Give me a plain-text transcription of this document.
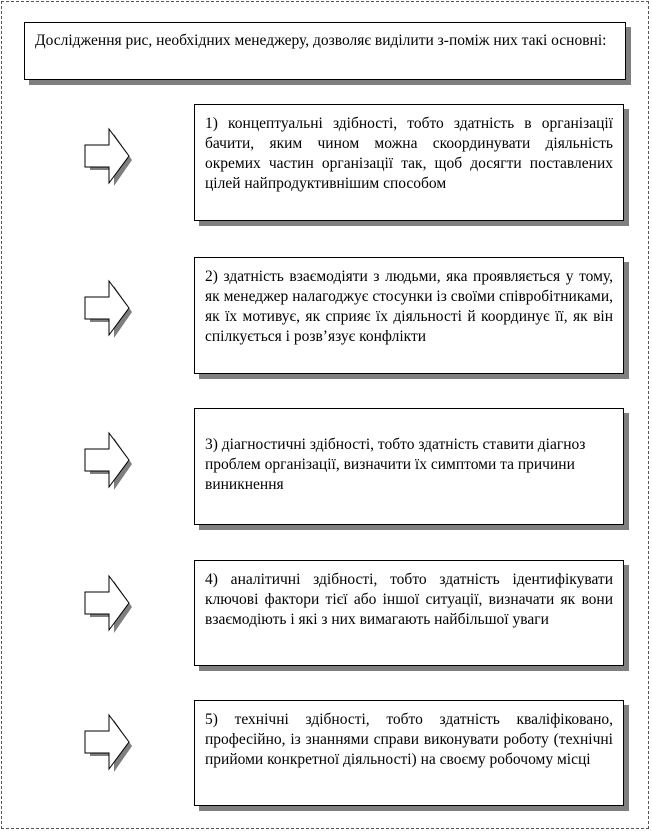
Дослідження рис, необхідних менеджеру, дозволяє виділити з-поміж них такі основні:
1) концептуальні здібності, тобто здатність в організації бачити, яким чином можна скоординувати діяльність окремих частин організації так, щоб досягти поставлених цілей найпродуктивнішим способом
2) здатність взаємодіяти з людьми, яка проявляється у тому, як менеджер налагоджує стосунки із своїми співробітниками, як їх мотивує, як сприяє їх діяльності й координує її, як він спілкується і розв’язує конфлікти
3) діагностичні здібності, тобто здатність ставити діагноз проблем організації, визначити їх симптоми та причини виникнення
4) аналітичні здібності, тобто здатність ідентифікувати ключові фактори тієї або іншої ситуації, визначати як вони взаємодіють і які з них вимагають найбільшої уваги
5) технічні здібності, тобто здатність кваліфіковано, професійно, із знаннями справи виконувати роботу (технічні прийоми конкретної діяльності) на своєму робочому місці
